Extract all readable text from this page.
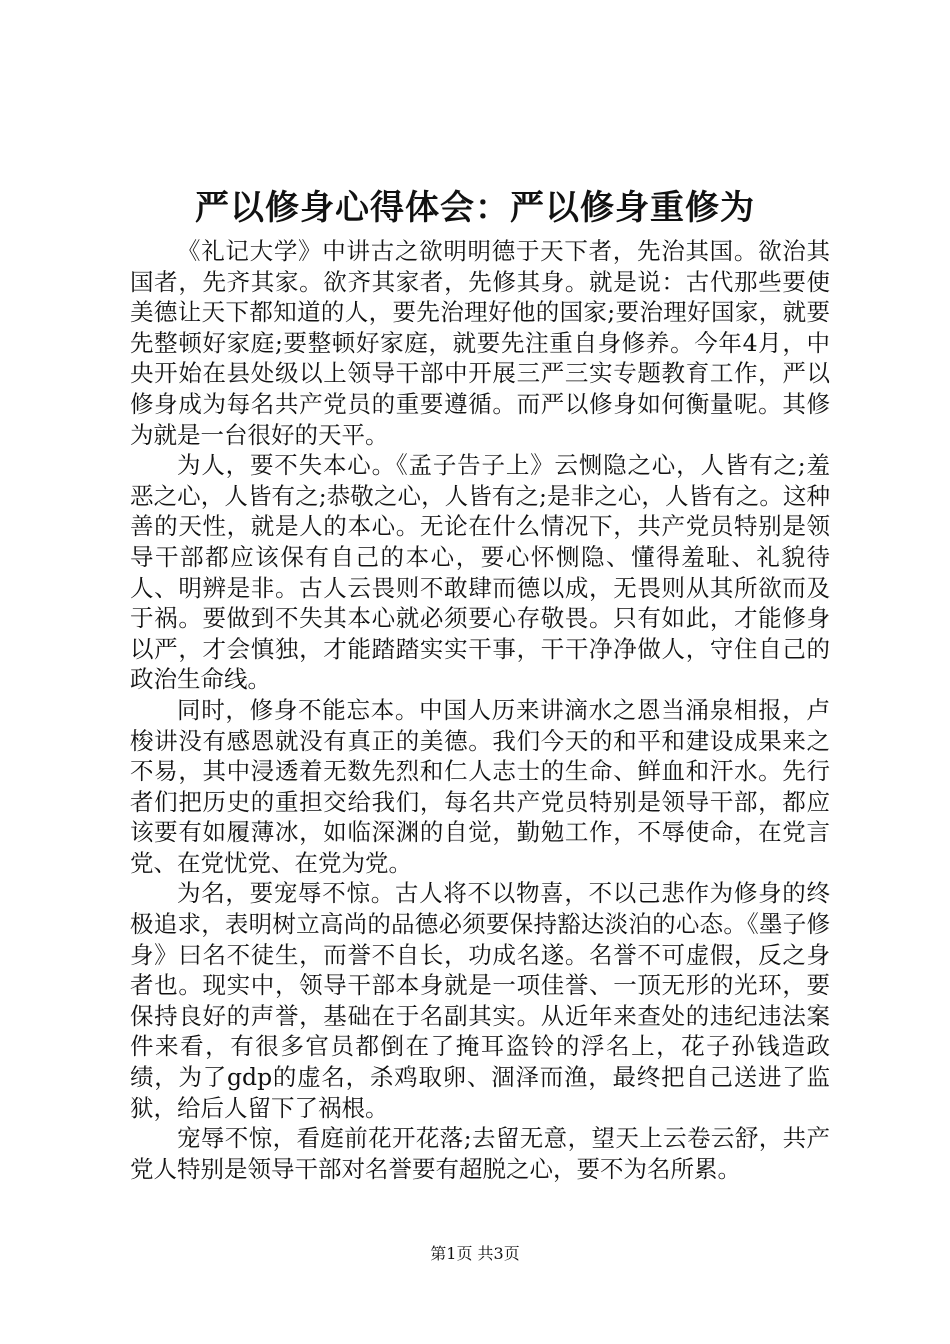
严以修身心得体会：严以修身重修为

《礼记大学》中讲古之欲明明德于天下者，先治其国。欲治其国者，先齐其家。欲齐其家者，先修其身。就是说：古代那些要使美德让天下都知道的人，要先治理好他的国家;要治理好国家，就要先整顿好家庭;要整顿好家庭，就要先注重自身修养。今年4月，中央开始在县处级以上领导干部中开展三严三实专题教育工作，严以修身成为每名共产党员的重要遵循。而严以修身如何衡量呢。其修为就是一台很好的天平。

为人，要不失本心。《孟子告子上》云恻隐之心，人皆有之;羞恶之心，人皆有之;恭敬之心，人皆有之;是非之心，人皆有之。这种善的天性，就是人的本心。无论在什么情况下，共产党员特别是领导干部都应该保有自己的本心，要心怀恻隐、懂得羞耻、礼貌待人、明辨是非。古人云畏则不敢肆而德以成，无畏则从其所欲而及于祸。要做到不失其本心就必须要心存敬畏。只有如此，才能修身以严，才会慎独，才能踏踏实实干事，干干净净做人，守住自己的政治生命线。

同时，修身不能忘本。中国人历来讲滴水之恩当涌泉相报，卢梭讲没有感恩就没有真正的美德。我们今天的和平和建设成果来之不易，其中浸透着无数先烈和仁人志士的生命、鲜血和汗水。先行者们把历史的重担交给我们，每名共产党员特别是领导干部，都应该要有如履薄冰，如临深渊的自觉，勤勉工作，不辱使命，在党言党、在党忧党、在党为党。

为名，要宠辱不惊。古人将不以物喜，不以己悲作为修身的终极追求，表明树立高尚的品德必须要保持豁达淡泊的心态。《墨子修身》曰名不徒生，而誉不自长，功成名遂。名誉不可虚假，反之身者也。现实中，领导干部本身就是一项佳誉、一顶无形的光环，要保持良好的声誉，基础在于名副其实。从近年来查处的违纪违法案件来看，有很多官员都倒在了掩耳盗铃的浮名上，花子孙钱造政绩，为了gdp的虚名，杀鸡取卵、涸泽而渔，最终把自己送进了监狱，给后人留下了祸根。

宠辱不惊，看庭前花开花落;去留无意，望天上云卷云舒，共产党人特别是领导干部对名誉要有超脱之心，要不为名所累。

第1页 共3页
